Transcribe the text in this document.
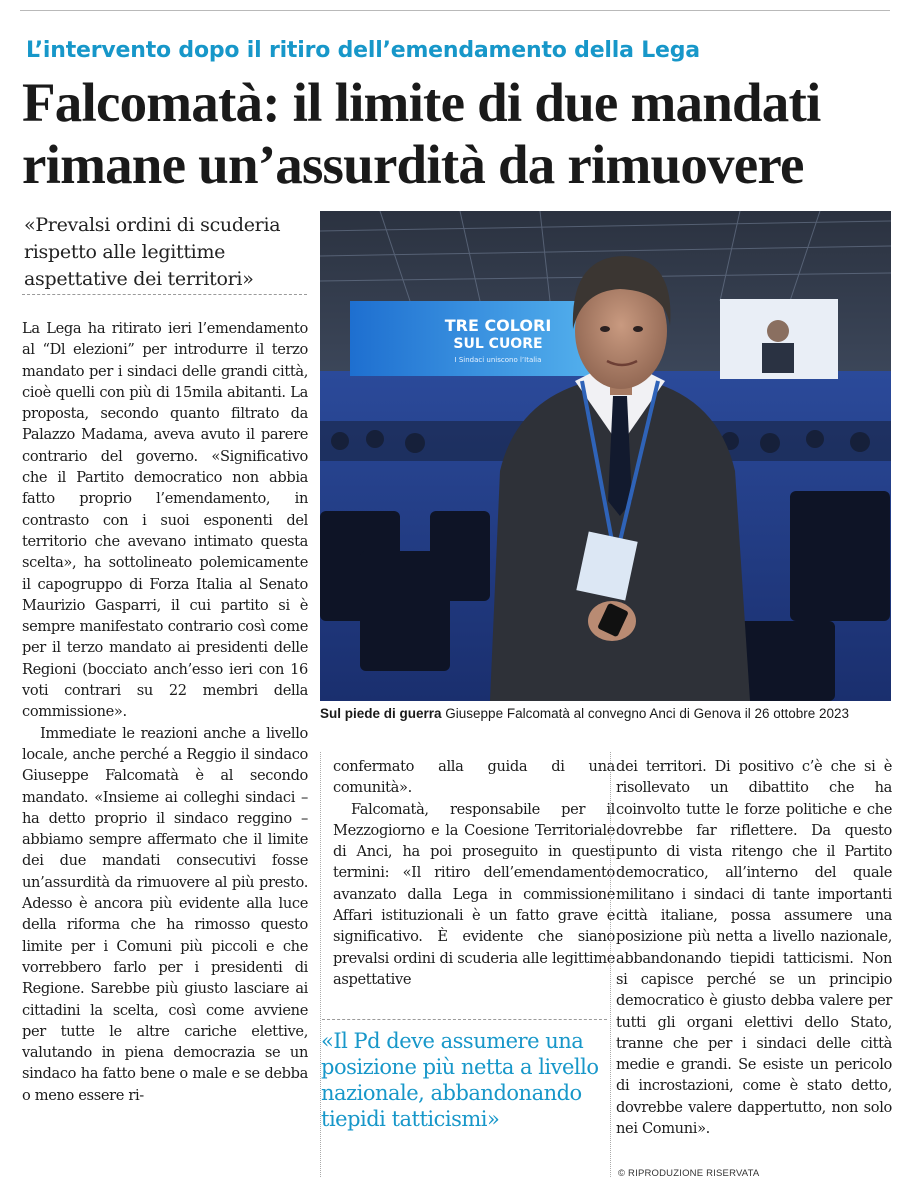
L’intervento dopo il ritiro dell’emendamento della Lega
Falcomatà: il limite di due mandati rimane un’assurdità da rimuovere

«Prevalsi ordini di scuderia rispetto alle legittime aspettative dei territori»

TRE COLORI
SUL CUORE
I Sindaci uniscono l’Italia
Sul piede di guerra Giuseppe Falcomatà al convegno Anci di Genova il 26 ottobre 2023

La Lega ha ritirato ieri l’emendamento al “Dl elezioni” per introdurre il terzo mandato per i sindaci delle grandi città, cioè quelli con più di 15mila abitanti. La proposta, secondo quanto filtrato da Palazzo Madama, aveva avuto il parere contrario del governo. «Significativo che il Partito democratico non abbia fatto proprio l’emendamento, in contrasto con i suoi esponenti del territorio che avevano intimato questa scelta», ha sottolineato polemicamente il capogruppo di Forza Italia al Senato Maurizio Gasparri, il cui partito si è sempre manifestato contrario così come per il terzo mandato ai presidenti delle Regioni (bocciato anch’esso ieri con 16 voti contrari su 22 membri della commissione».

Immediate le reazioni anche a livello locale, anche perché a Reggio il sindaco Giuseppe Falcomatà è al secondo mandato. «Insieme ai colleghi sindaci – ha detto proprio il sindaco reggino – abbiamo sempre affermato che il limite dei due mandati consecutivi fosse un’assurdità da rimuovere al più presto. Adesso è ancora più evidente alla luce della riforma che ha rimosso questo limite per i Comuni più piccoli e che vorrebbero farlo per i presidenti di Regione. Sarebbe più giusto lasciare ai cittadini la scelta, così come avviene per tutte le altre cariche elettive, valutando in piena democrazia se un sindaco ha fatto bene o male e se debba o meno essere ri-

confermato alla guida di una comunità».

Falcomatà, responsabile per il Mezzogiorno e la Coesione Territoriale di Anci, ha poi proseguito in questi termini: «Il ritiro dell’emendamento avanzato dalla Lega in commissione Affari istituzionali è un fatto grave e significativo. È evidente che siano prevalsi ordini di scuderia alle legittime aspettative

«Il Pd deve assumere una posizione più netta a livello nazionale, abbandonando tiepidi tatticismi»

dei territori. Di positivo c’è che si è risollevato un dibattito che ha coinvolto tutte le forze politiche e che dovrebbe far riflettere. Da questo punto di vista ritengo che il Partito democratico, all’interno del quale militano i sindaci di tante importanti città italiane, possa assumere una posizione più netta a livello nazionale, abbandonando tiepidi tatticismi. Non si capisce perché se un principio democratico è giusto debba valere per tutti gli organi elettivi dello Stato, tranne che per i sindaci delle città medie e grandi. Se esiste un pericolo di incrostazioni, come è stato detto, dovrebbe valere dappertutto, non solo nei Comuni».

© RIPRODUZIONE RISERVATA
